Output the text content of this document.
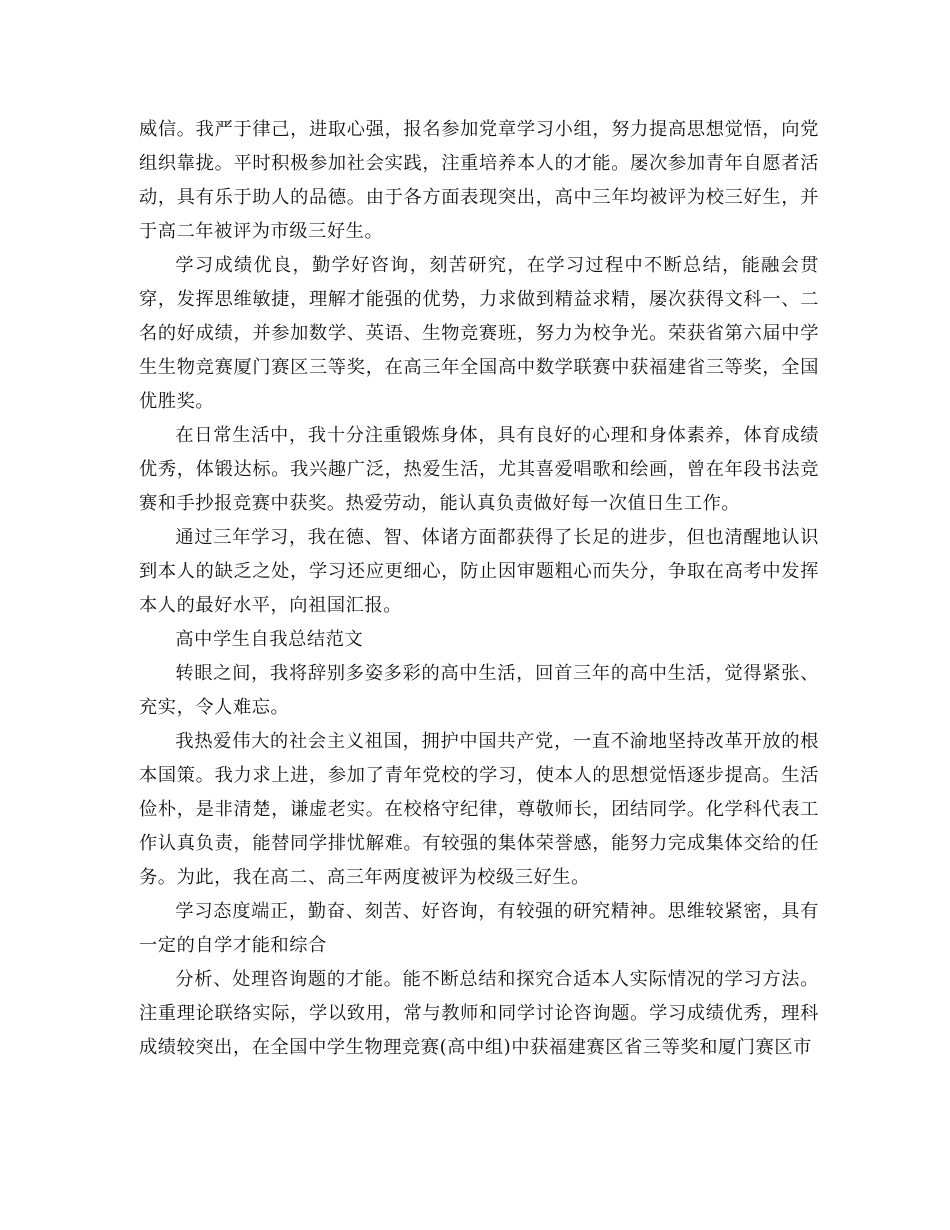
威信。我严于律己，进取心强，报名参加党章学习小组，努力提高思想觉悟，向党组织靠拢。平时积极参加社会实践，注重培养本人的才能。屡次参加青年自愿者活动，具有乐于助人的品德。由于各方面表现突出，高中三年均被评为校三好生，并于高二年被评为市级三好生。

学习成绩优良，勤学好咨询，刻苦研究，在学习过程中不断总结，能融会贯穿，发挥思维敏捷，理解才能强的优势，力求做到精益求精，屡次获得文科一、二名的好成绩，并参加数学、英语、生物竞赛班，努力为校争光。荣获省第六届中学生生物竞赛厦门赛区三等奖，在高三年全国高中数学联赛中获福建省三等奖，全国优胜奖。

在日常生活中，我十分注重锻炼身体，具有良好的心理和身体素养，体育成绩优秀，体锻达标。我兴趣广泛，热爱生活，尤其喜爱唱歌和绘画，曾在年段书法竞赛和手抄报竞赛中获奖。热爱劳动，能认真负责做好每一次值日生工作。

通过三年学习，我在德、智、体诸方面都获得了长足的进步，但也清醒地认识到本人的缺乏之处，学习还应更细心，防止因审题粗心而失分，争取在高考中发挥本人的最好水平，向祖国汇报。

高中学生自我总结范文

转眼之间，我将辞别多姿多彩的高中生活，回首三年的高中生活，觉得紧张、充实，令人难忘。

我热爱伟大的社会主义祖国，拥护中国共产党，一直不渝地坚持改革开放的根本国策。我力求上进，参加了青年党校的学习，使本人的思想觉悟逐步提高。生活俭朴，是非清楚，谦虚老实。在校格守纪律，尊敬师长，团结同学。化学科代表工作认真负责，能替同学排忧解难。有较强的集体荣誉感，能努力完成集体交给的任务。为此，我在高二、高三年两度被评为校级三好生。

学习态度端正，勤奋、刻苦、好咨询，有较强的研究精神。思维较紧密，具有一定的自学才能和综合

分析、处理咨询题的才能。能不断总结和探究合适本人实际情况的学习方法。注重理论联络实际，学以致用，常与教师和同学讨论咨询题。学习成绩优秀，理科成绩较突出，在全国中学生物理竞赛(高中组)中获福建赛区省三等奖和厦门赛区市
